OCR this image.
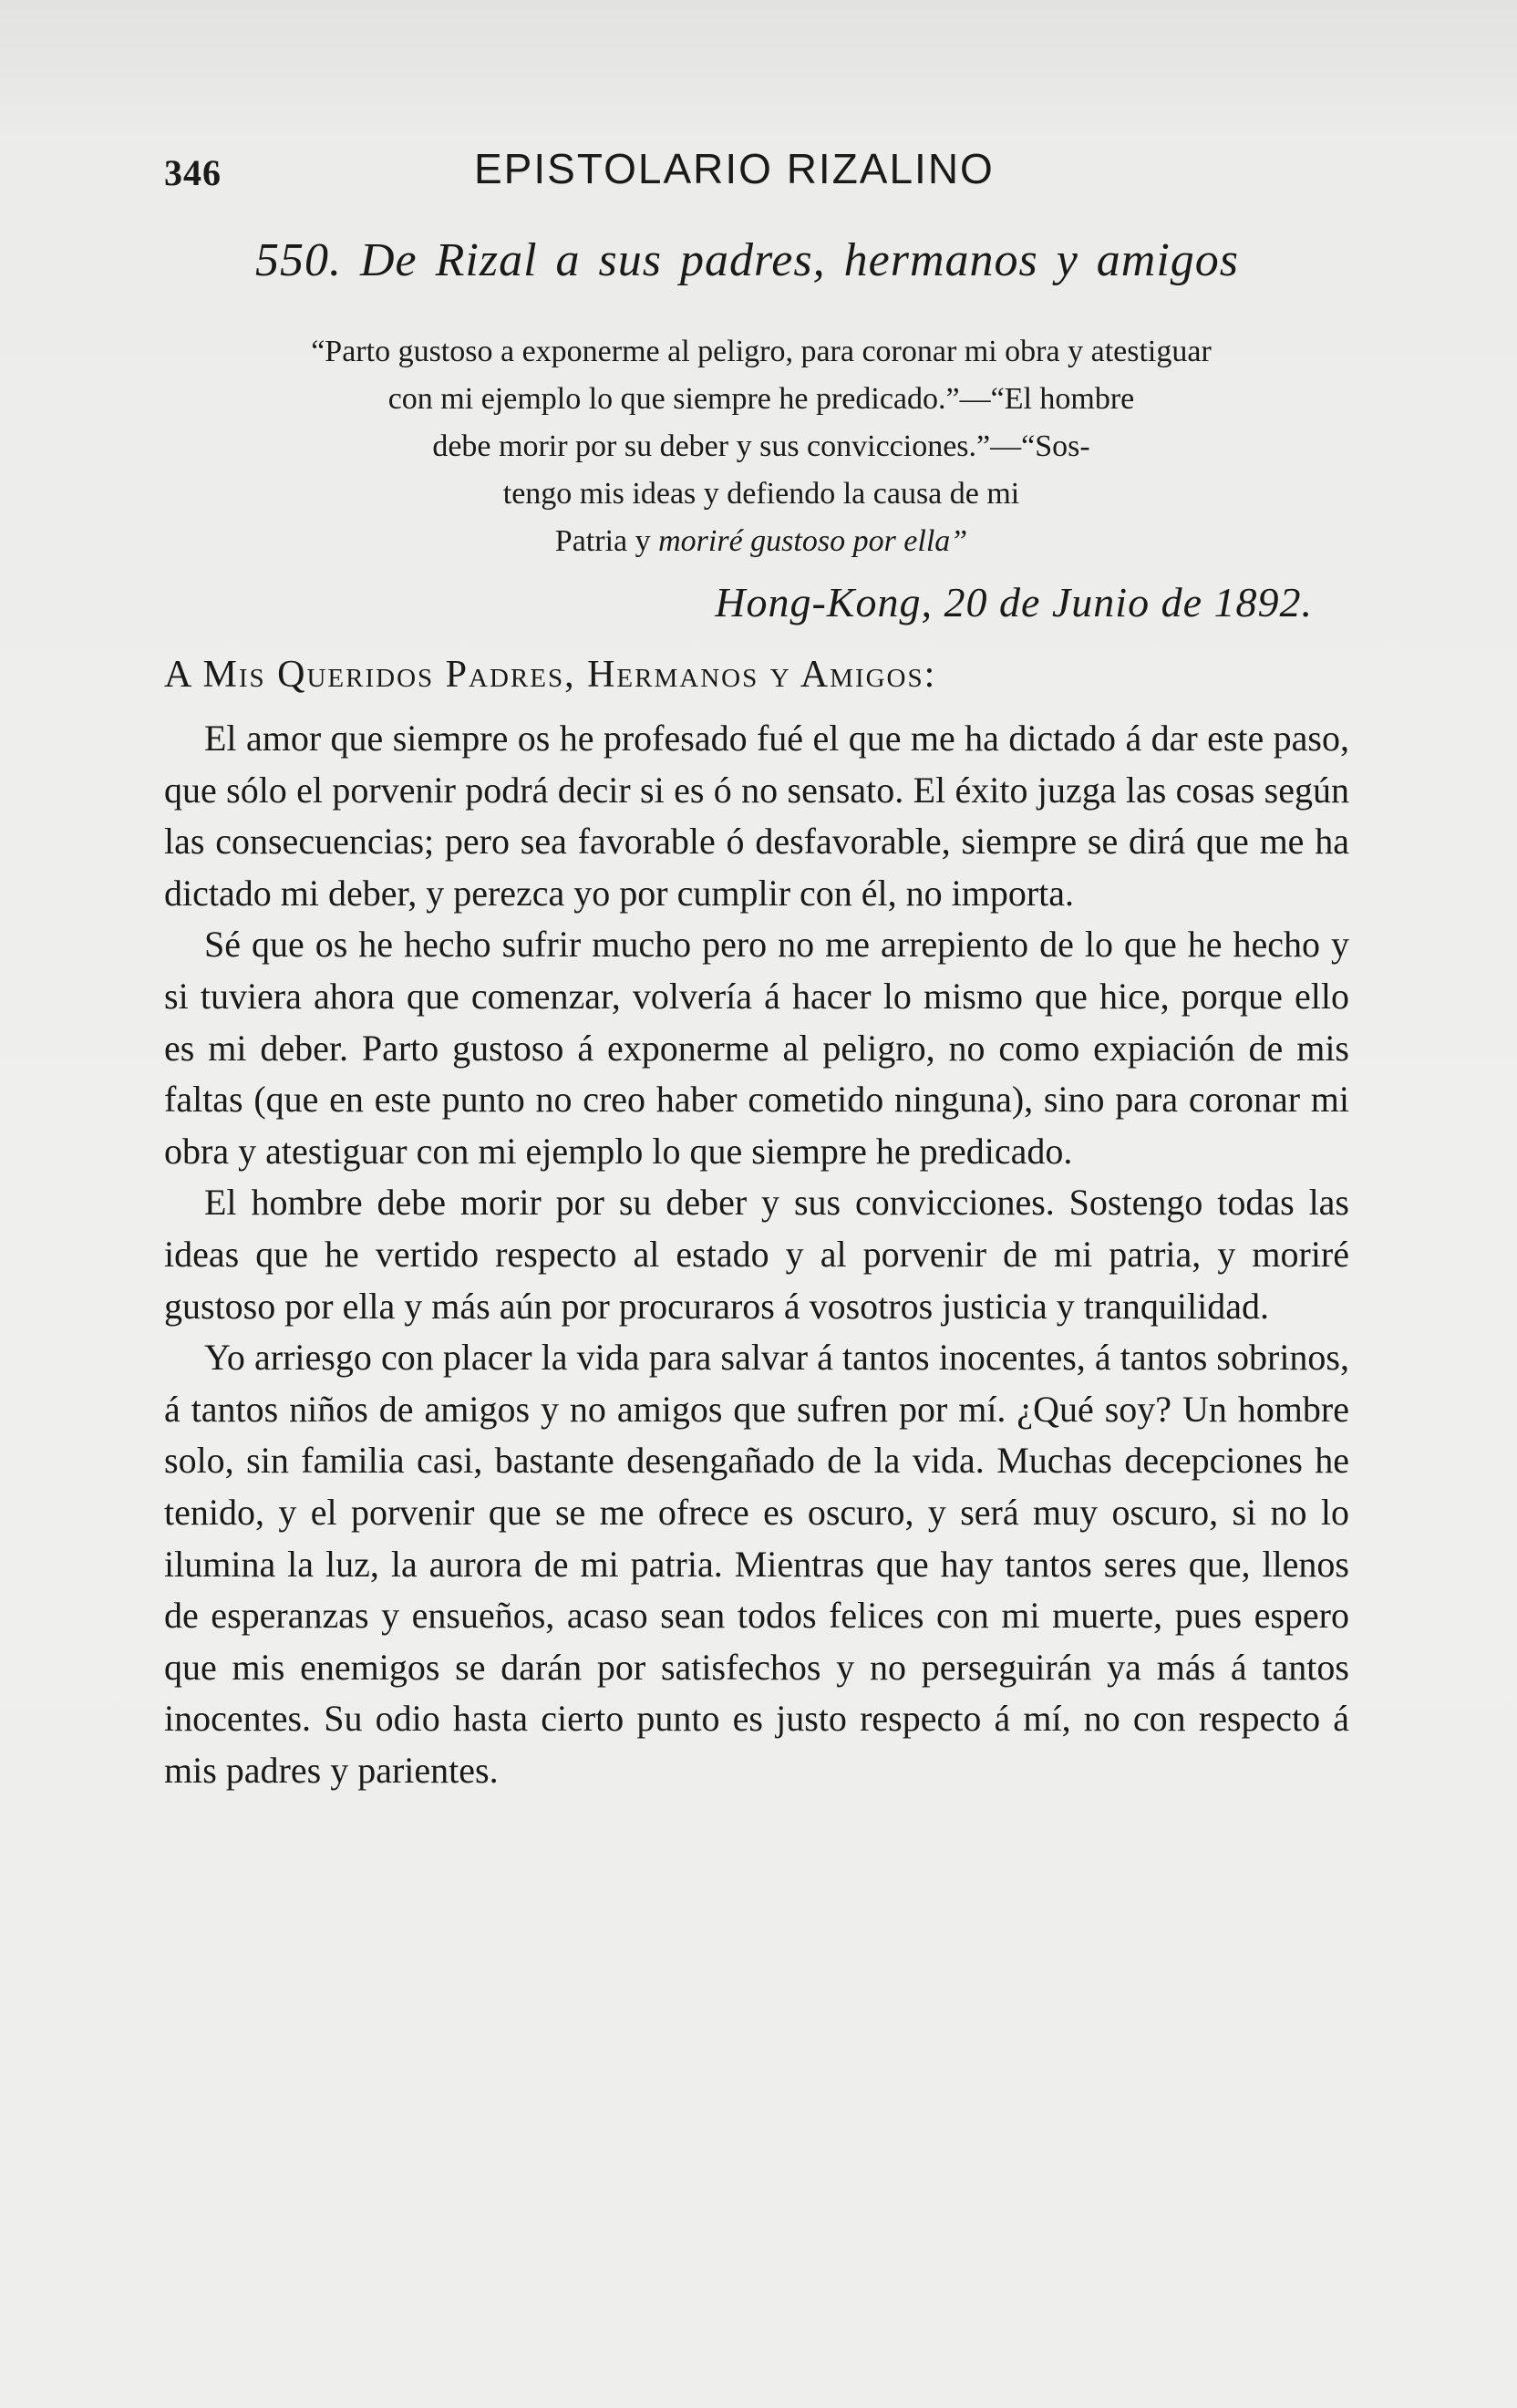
346	EPISTOLARIO RIZALINO
550. De Rizal a sus padres, hermanos y amigos
“Parto gustoso a exponerme al peligro, para coronar mi obra y atestiguar
con mi ejemplo lo que siempre he predicado.”—“El hombre
debe morir por su deber y sus convicciones.”—“Sos-
tengo mis ideas y defiendo la causa de mi
Patria y moriré gustoso por ella”
Hong-Kong, 20 de Junio de 1892.
A Mis Queridos Padres, Hermanos y Amigos:

El amor que siempre os he profesado fué el que me ha dictado á dar este paso, que sólo el porvenir podrá decir si es ó no sensato. El éxito juzga las cosas según las consecuencias; pero sea favorable ó desfavorable, siempre se dirá que me ha dictado mi deber, y perezca yo por cumplir con él, no importa.

Sé que os he hecho sufrir mucho pero no me arrepiento de lo que he hecho y si tuviera ahora que comenzar, volvería á hacer lo mismo que hice, porque ello es mi deber. Parto gustoso á exponerme al peligro, no como expiación de mis faltas (que en este punto no creo haber cometido ninguna), sino para coronar mi obra y atestiguar con mi ejemplo lo que siempre he predicado.

El hombre debe morir por su deber y sus convicciones. Sostengo todas las ideas que he vertido respecto al estado y al porvenir de mi patria, y moriré gustoso por ella y más aún por procuraros á vosotros justicia y tranquilidad.

Yo arriesgo con placer la vida para salvar á tantos inocentes, á tantos sobrinos, á tantos niños de amigos y no amigos que sufren por mí. ¿Qué soy? Un hombre solo, sin familia casi, bastante desengañado de la vida. Muchas decepciones he tenido, y el porvenir que se me ofrece es oscuro, y será muy oscuro, si no lo ilumina la luz, la aurora de mi patria. Mientras que hay tantos seres que, llenos de esperanzas y ensueños, acaso sean todos felices con mi muerte, pues espero que mis enemigos se darán por satisfechos y no perseguirán ya más á tantos inocentes. Su odio hasta cierto punto es justo respecto á mí, no con respecto á mis padres y parientes.
